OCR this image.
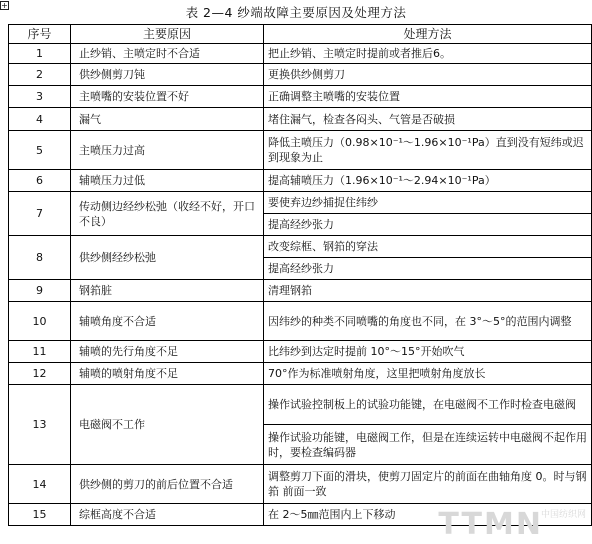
+	表 2—4 纱端故障主要原因及处理方法
序号	主要原因	处理方法
1	止纱销、主喷定时不合适	把止纱销、主喷定时提前或者推后6。
2	供纱侧剪刀钝	更换供纱侧剪刀
3	主喷嘴的安装位置不好	正确调整主喷嘴的安装位置
4	漏气	堵住漏气，检查各闷头、气管是否破损
5	主喷压力过高	降低主喷压力（0.98×10⁻¹～1.96×10⁻¹Pa）直到没有短纬或迟到现象为止
6	辅喷压力过低	提高辅喷压力（1.96×10⁻¹～2.94×10⁻¹Pa）
7	传动侧边经纱松弛（收经不好，开口不良）	要使弃边纱捕捉住纬纱
		提高经纱张力
8	供纱侧经纱松弛	改变综框、钢筘的穿法
		提高经纱张力
9	钢筘脏	清理钢筘
10	辅喷角度不合适	因纬纱的种类不同喷嘴的角度也不同，在 3°～5°的范围内调整
11	辅喷的先行角度不足	比纬纱到达定时提前 10°～15°开始吹气
12	辅喷的喷射角度不足	70°作为标准喷射角度，这里把喷射角度放长
13	电磁阀不工作	操作试验控制板上的试验功能键，在电磁阀不工作时检查电磁阀
		操作试验功能键，电磁阀工作，但是在连续运转中电磁阀不起作用 时，要检查编码器
14	供纱侧的剪刀的前后位置不合适	调整剪刀下面的滑块，使剪刀固定片的前面在曲轴角度 0。时与钢筘 前面一致
15	综框高度不合适	在 2～5㎜范围内上下移动 $TTMN^{中国纺织网}$
